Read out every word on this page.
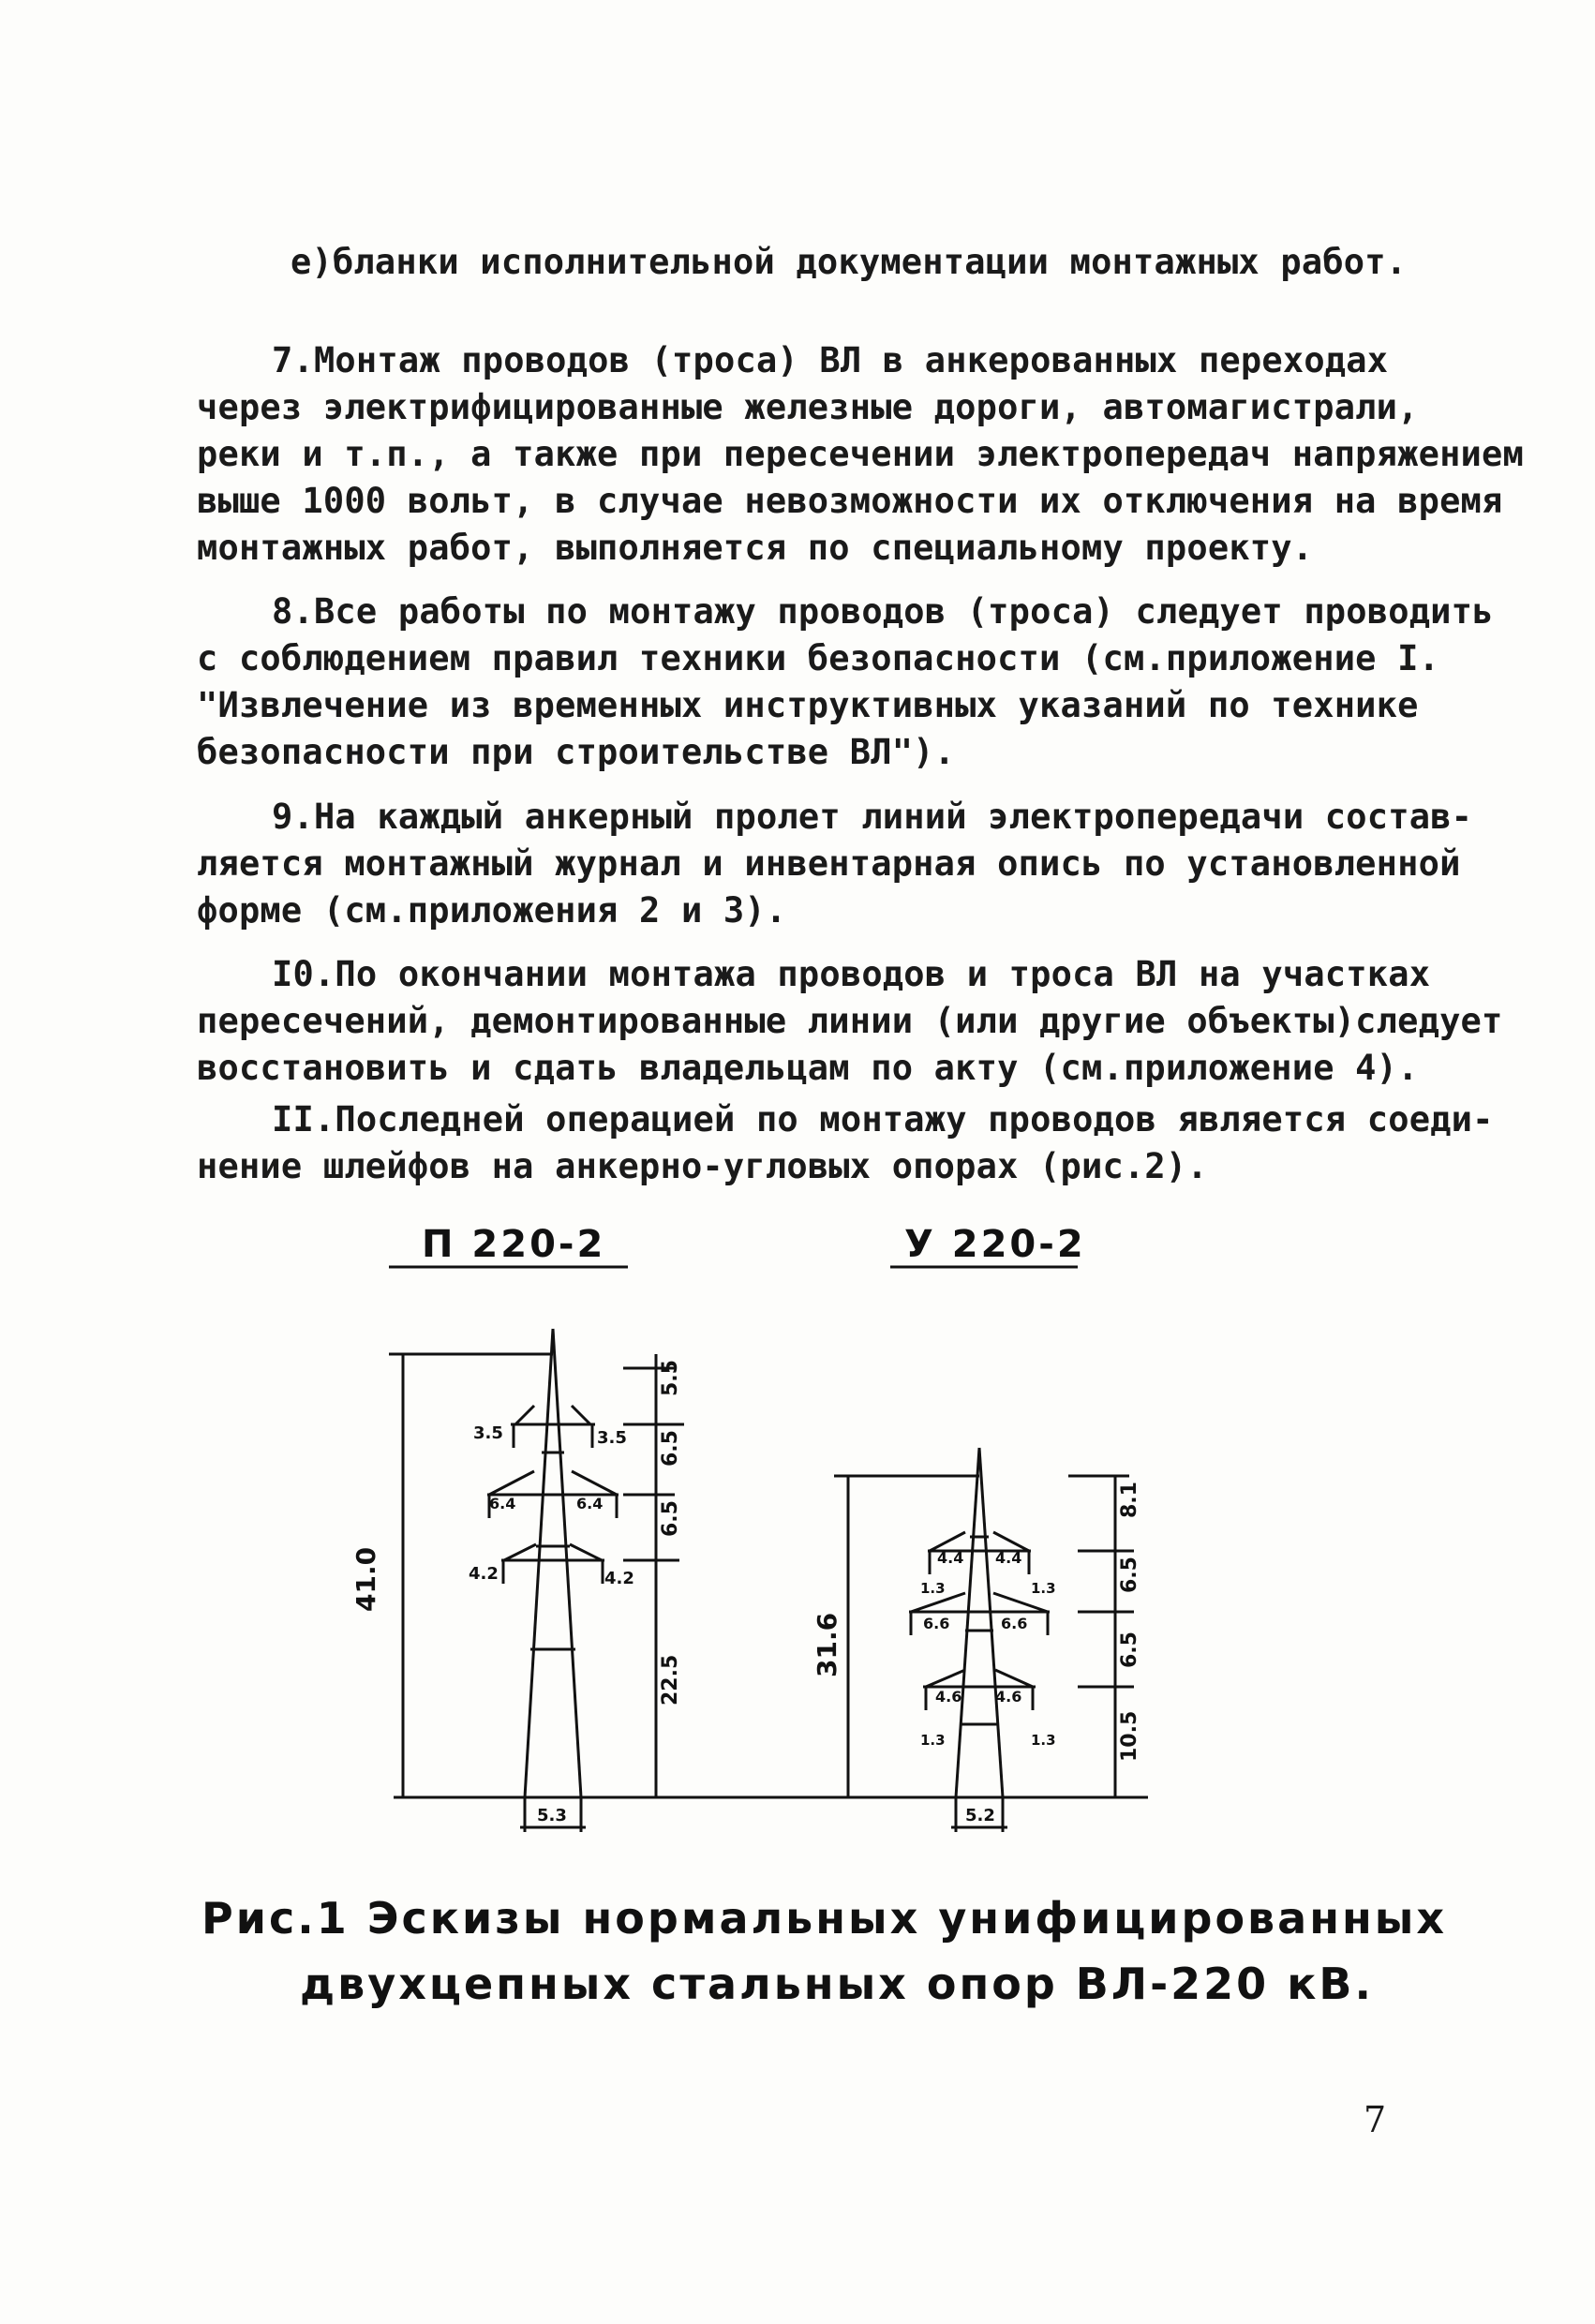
е)бланки исполнительной документации монтажных работ.
7.Монтаж проводов (троса) ВЛ в анкерованных переходах
через электрифицированные железные дороги, автомагистрали,
реки и т.п., а также при пересечении электропередач напряжением
выше 1000 вольт, в случае невозможности их отключения на время
монтажных работ, выполняется по специальному проекту.
8.Все работы по монтажу проводов (троса) следует проводить
с соблюдением правил техники безопасности (см.приложение I.
"Извлечение из временных инструктивных указаний по технике
безопасности при строительстве ВЛ").
9.На каждый анкерный пролет линий электропередачи состав-
ляется монтажный журнал и инвентарная опись по установленной
форме (см.приложения 2 и 3).
I0.По окончании монтажа проводов и троса ВЛ на участках
пересечений, демонтированные линии (или другие объекты)следует
восстановить и сдать владельцам по акту (см.приложение 4).
II.Последней операцией по монтажу проводов является соеди-
нение шлейфов на анкерно-угловых опорах (рис.2).
П 220-2	У 220-2
41.0
5.5
6.5
6.5
22.5
3.5
6.4
4.2
3.5
6.4
4.2
5.3
31.6
8.1
6.5
6.5
10.5
4.4
6.6
4.6
4.4
6.6
4.6
1.3	1.3
1.3	1.3
5.2
Рис.1 Эскизы нормальных унифицированных
двухцепных стальных опор ВЛ-220 кВ.
7
